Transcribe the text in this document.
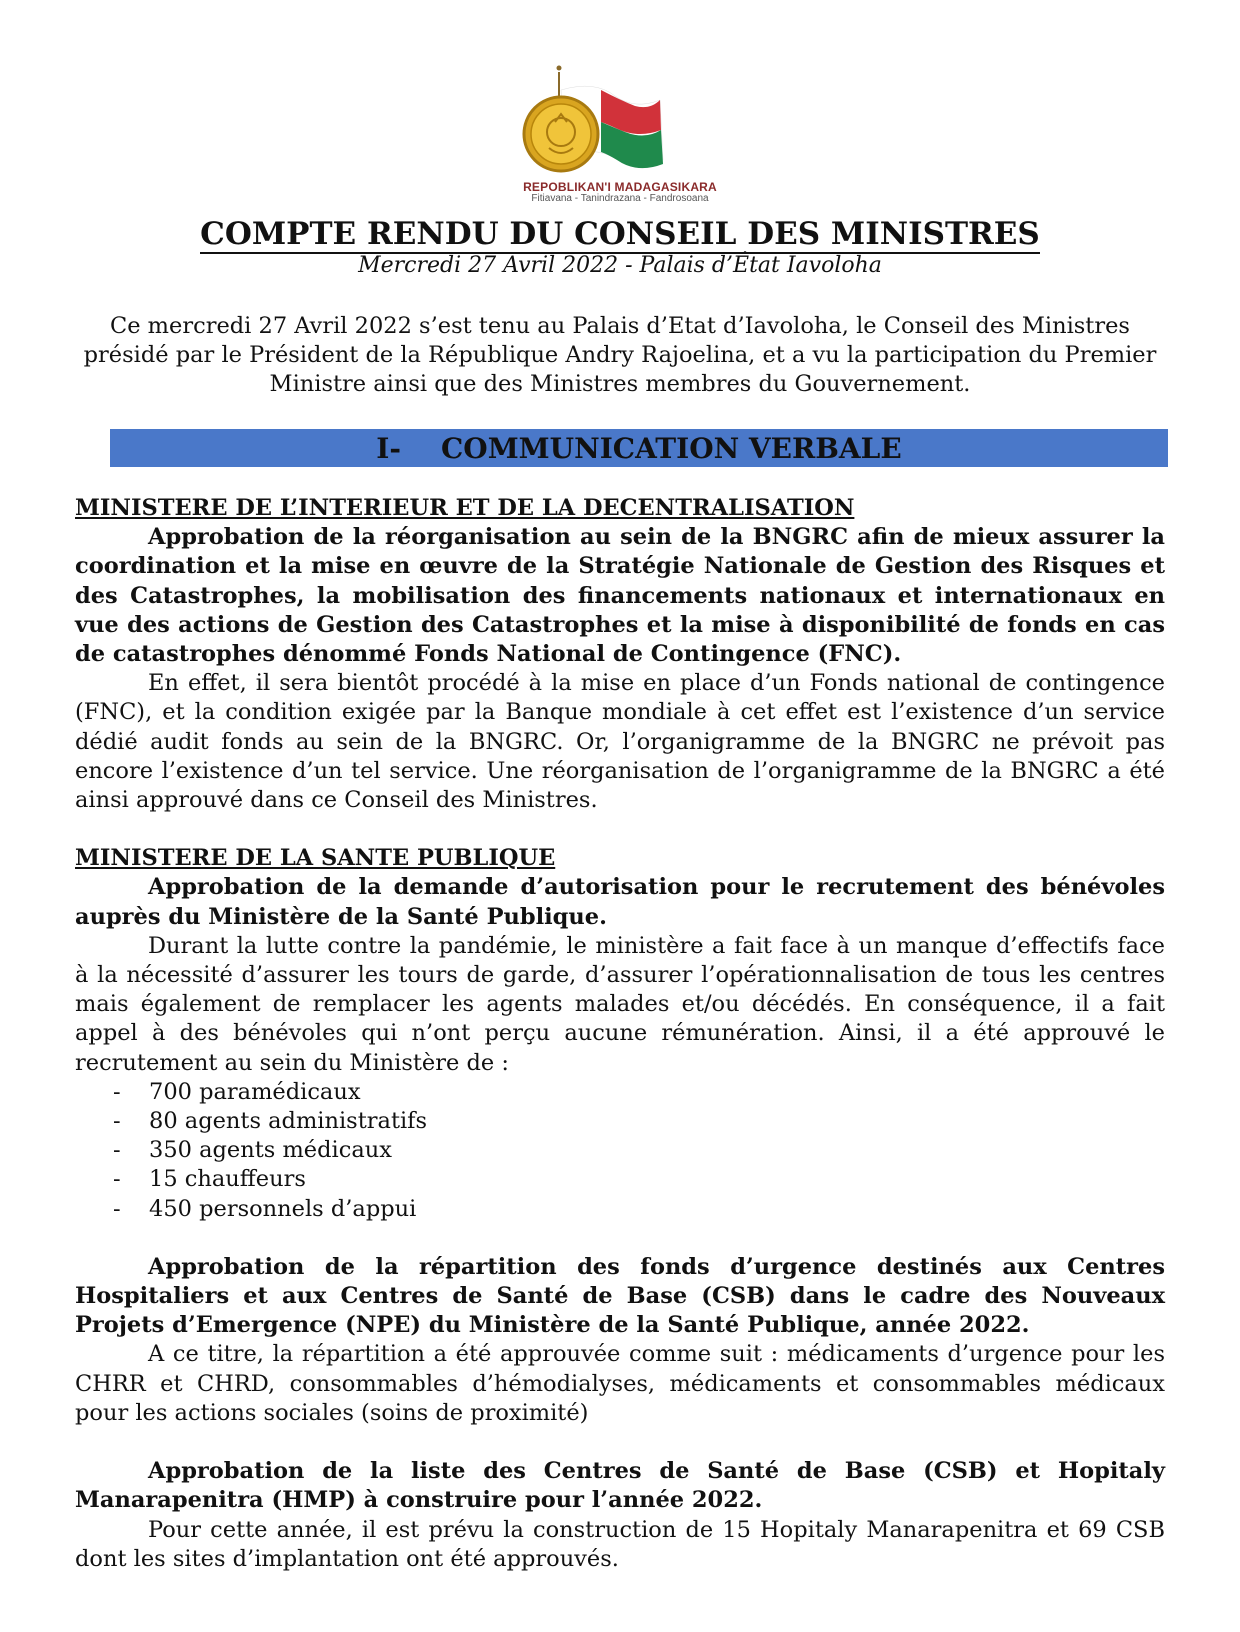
REPOBLIKAN'I MADAGASIKARA
Fitiavana - Tanindrazana - Fandrosoana
COMPTE RENDU DU CONSEIL DES MINISTRES
Mercredi 27 Avril 2022 - Palais d’État Iavoloha
Ce mercredi 27 Avril 2022 s’est tenu au Palais d’Etat d’Iavoloha, le Conseil des Ministres présidé par le Président de la République Andry Rajoelina, et a vu la participation du Premier Ministre ainsi que des Ministres membres du Gouvernement.
I- COMMUNICATION VERBALE

MINISTERE DE L’INTERIEUR ET DE LA DECENTRALISATION

Approbation de la réorganisation au sein de la BNGRC afin de mieux assurer la coordination et la mise en œuvre de la Stratégie Nationale de Gestion des Risques et des Catastrophes, la mobilisation des financements nationaux et internationaux en vue des actions de Gestion des Catastrophes et la mise à disponibilité de fonds en cas de catastrophes dénommé Fonds National de Contingence (FNC).

En effet, il sera bientôt procédé à la mise en place d’un Fonds national de contingence (FNC), et la condition exigée par la Banque mondiale à cet effet est l’existence d’un service dédié audit fonds au sein de la BNGRC. Or, l’organigramme de la BNGRC ne prévoit pas encore l’existence d’un tel service. Une réorganisation de l’organigramme de la BNGRC a été ainsi approuvé dans ce Conseil des Ministres.

MINISTERE DE LA SANTE PUBLIQUE

Approbation de la demande d’autorisation pour le recrutement des bénévoles auprès du Ministère de la Santé Publique.

Durant la lutte contre la pandémie, le ministère a fait face à un manque d’effectifs face à la nécessité d’assurer les tours de garde, d’assurer l’opérationnalisation de tous les centres mais également de remplacer les agents malades et/ou décédés. En conséquence, il a fait appel à des bénévoles qui n’ont perçu aucune rémunération. Ainsi, il a été approuvé le recrutement au sein du Ministère de :

- 700 paramédicaux
- 80 agents administratifs
- 350 agents médicaux
- 15 chauffeurs
- 450 personnels d’appui

Approbation de la répartition des fonds d’urgence destinés aux Centres Hospitaliers et aux Centres de Santé de Base (CSB) dans le cadre des Nouveaux Projets d’Emergence (NPE) du Ministère de la Santé Publique, année 2022.

A ce titre, la répartition a été approuvée comme suit : médicaments d’urgence pour les CHRR et CHRD, consommables d’hémodialyses, médicaments et consommables médicaux pour les actions sociales (soins de proximité)

Approbation de la liste des Centres de Santé de Base (CSB) et Hopitaly Manarapenitra (HMP) à construire pour l’année 2022.

Pour cette année, il est prévu la construction de 15 Hopitaly Manarapenitra et 69 CSB dont les sites d’implantation ont été approuvés.
